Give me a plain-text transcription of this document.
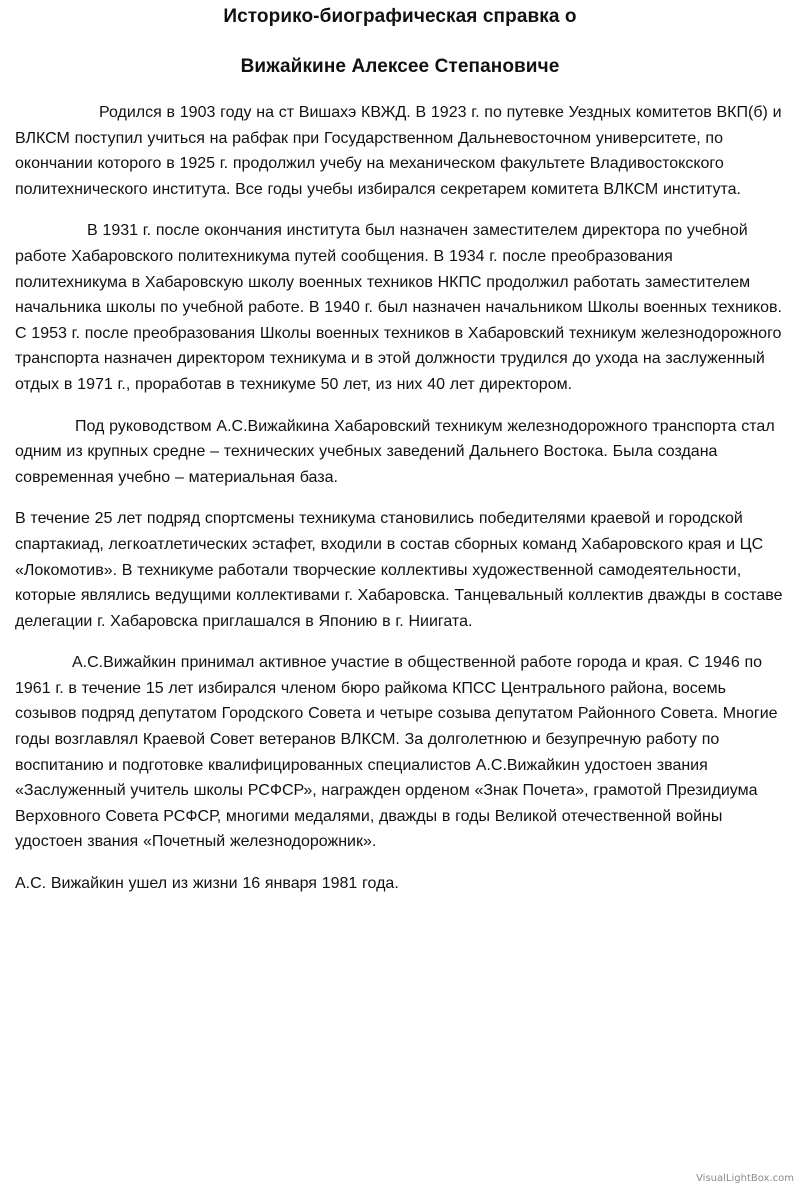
Историко-биографическая справка о
Вижайкине Алексее Степановиче

Родился в 1903 году на ст Вишахэ КВЖД. В 1923 г. по путевке Уездных комитетов ВКП(б) и ВЛКСМ поступил учиться на рабфак при Государственном Дальневосточном университете, по окончании которого в 1925 г. продолжил учебу на механическом факультете Владивостокского политехнического института. Все годы учебы избирался секретарем комитета ВЛКСМ института.

В 1931 г. после окончания института был назначен заместителем директора по учебной работе Хабаровского политехникума путей сообщения. В 1934 г. после преобразования политехникума в Хабаровскую школу военных техников НКПС продолжил работать заместителем начальника школы по учебной работе. В 1940 г. был назначен начальником Школы военных техников. С 1953 г. после преобразования Школы военных техников в Хабаровский техникум железнодорожного транспорта назначен директором техникума и в этой должности трудился до ухода на заслуженный отдых в 1971 г., проработав в техникуме 50 лет, из них 40 лет директором.

Под руководством А.С.Вижайкина Хабаровский техникум железнодорожного транспорта стал одним из крупных средне – технических учебных заведений Дальнего Востока. Была создана современная учебно – материальная база.

В течение 25 лет подряд спортсмены техникума становились победителями краевой и городской спартакиад, легкоатлетических эстафет, входили в состав сборных команд Хабаровского края и ЦС «Локомотив». В техникуме работали творческие коллективы художественной самодеятельности, которые являлись ведущими коллективами г. Хабаровска. Танцевальный коллектив дважды в составе делегации г. Хабаровска приглашался в Японию в г. Ниигата.

А.С.Вижайкин принимал активное участие в общественной работе города и края. С 1946 по 1961 г. в течение 15 лет избирался членом бюро райкома КПСС Центрального района, восемь созывов подряд депутатом Городского Совета и четыре созыва депутатом Районного Совета. Многие годы возглавлял Краевой Совет ветеранов ВЛКСМ. За долголетнюю и безупречную работу по воспитанию и подготовке квалифицированных специалистов А.С.Вижайкин удостоен звания «Заслуженный учитель школы РСФСР», награжден орденом «Знак Почета», грамотой Президиума Верховного Совета РСФСР, многими медалями, дважды в годы Великой отечественной войны удостоен звания «Почетный железнодорожник».

А.С. Вижайкин ушел из жизни 16 января 1981 года.

VisualLightBox.com
